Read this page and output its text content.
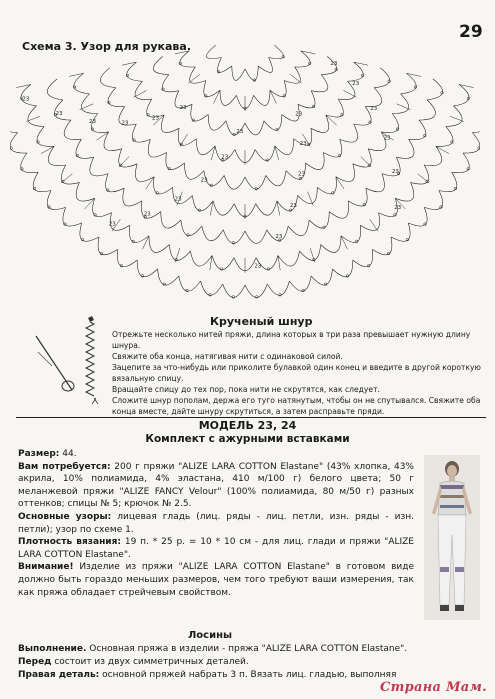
29
Схема 3. Узор для рукава.
23
23
23
23
23
23
23
23
23
23
23
23
23
23
23
23
23
23
23
23
23
23
23
23
Крученый шнур

Отрежьте несколько нитей пряжи, длина которых в три раза превышает нужную длину шнура.

Свяжите оба конца, натягивая нити с одинаковой силой.

Зацепите за что-нибудь или приколите булавкой один конец и введите в другой короткую вязальную спицу.

Вращайте спицу до тех пор, пока нити не скрутятся, как следует.

Сложите шнур пополам, держа его туго натянутым, чтобы он не спутывался. Свяжите оба конца вместе, дайте шнуру скрутиться, а затем расправьте пряди.

МОДЕЛЬ 23, 24
Комплект с ажурными вставками

Размер: 44.

Вам потребуется: 200 г пряжи "ALIZE LARA COTTON Elastane" (43% хлопка, 43% акрила, 10% полиамида, 4% эластана, 410 м/100 г) белого цвета; 50 г меланжевой пряжи "ALIZE FANCY Velour" (100% полиамида, 80 м/50 г) разных оттенков; спицы № 5; крючок № 2.5.

Основные узоры: лицевая гладь (лиц. ряды - лиц. петли, изн. ряды - изн. петли); узор по схеме 1.

Плотность вязания: 19 п. * 25 р. = 10 * 10 см - для лиц. глади и пряжи "ALIZE LARA COTTON Elastane".

Внимание! Изделие из пряжи "ALIZE LARA COTTON Elastane" в готовом виде должно быть гораздо меньших размеров, чем того требуют ваши измерения, так как пряжа обладает стрейчевым свойством.

Лосины

Выполнение. Основная пряжа в изделии - пряжа "ALIZE LARA COTTON Elastane".

Перед состоит из двух симметричных деталей.

Правая деталь: основной пряжей набрать 3 п. Вязать лиц. гладью, выполняя

Страна Мам.
